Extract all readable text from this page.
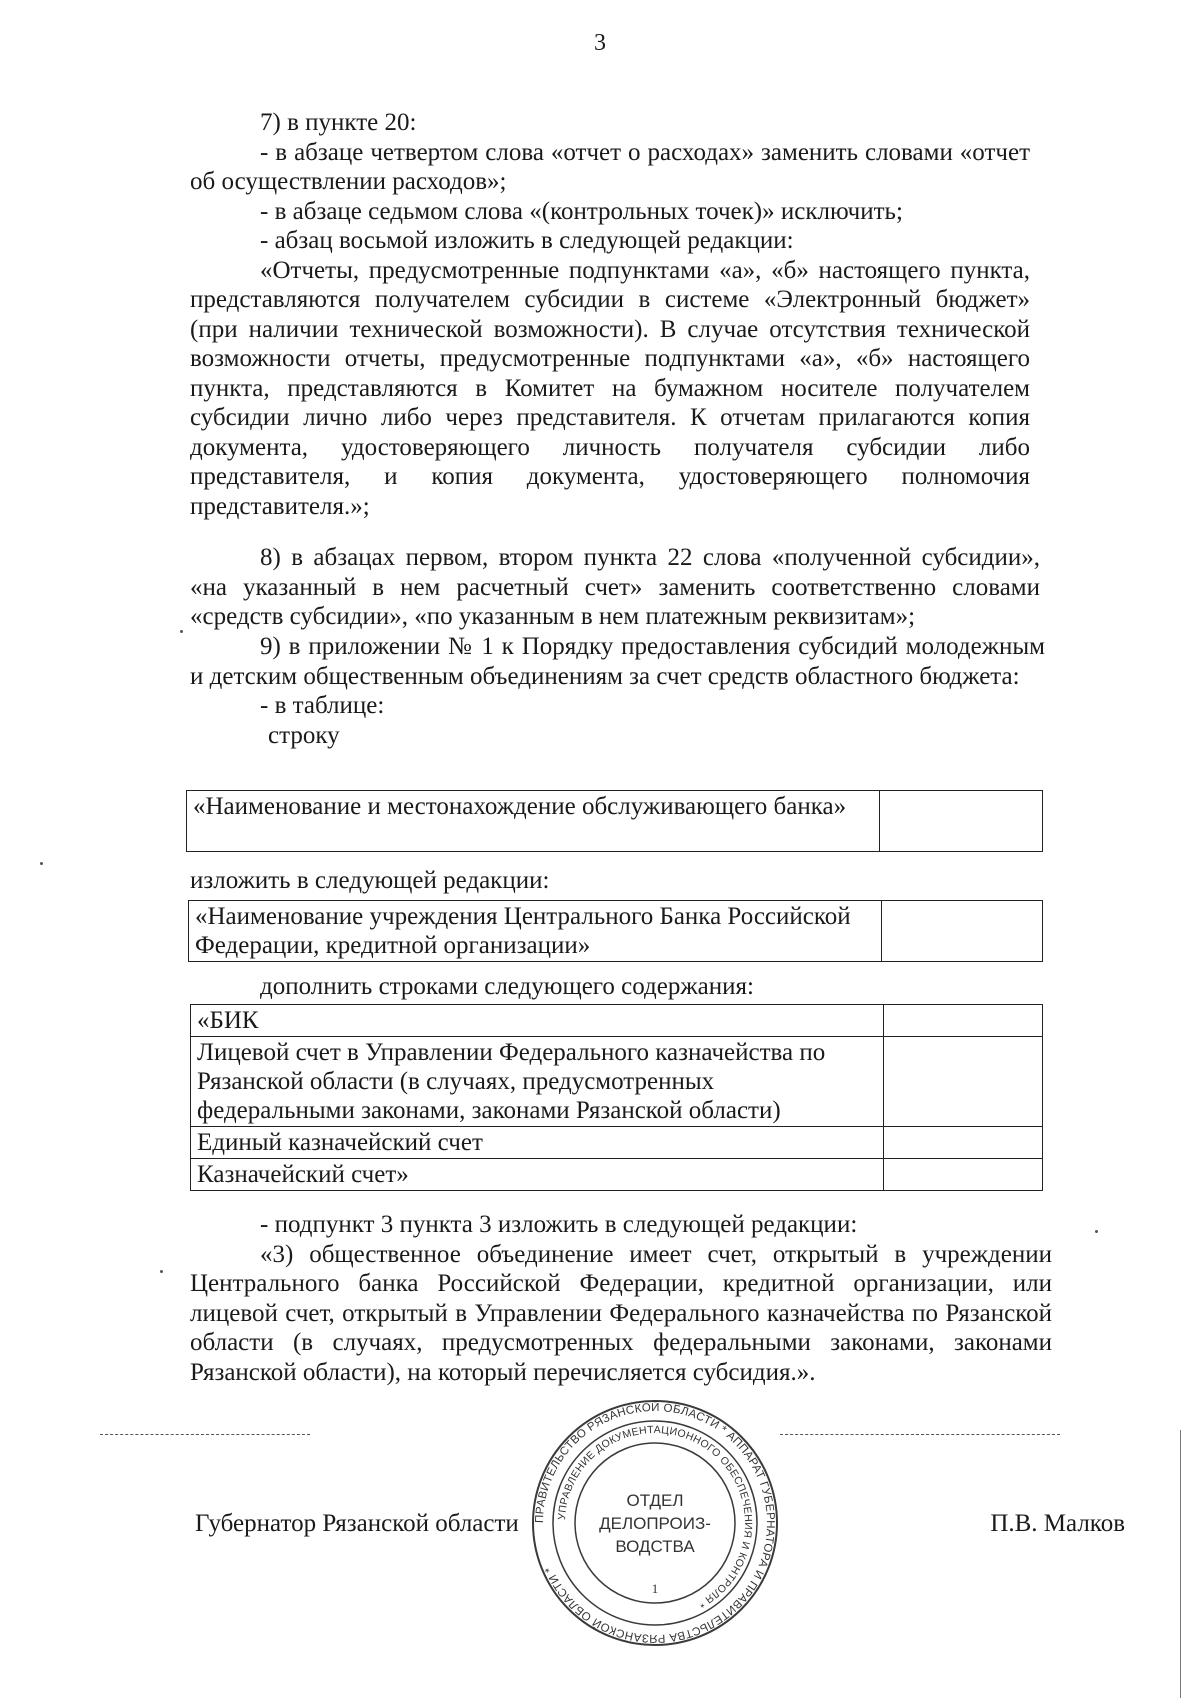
3
7) в пункте 20:
- в абзаце четвертом слова «отчет о расходах» заменить словами «отчет об осуществлении расходов»;
- в абзаце седьмом слова «(контрольных точек)» исключить;
- абзац восьмой изложить в следующей редакции:
«Отчеты, предусмотренные подпунктами «а», «б» настоящего пункта, представляются получателем субсидии в системе «Электронный бюджет» (при наличии технической возможности). В случае отсутствия технической возможности отчеты, предусмотренные подпунктами «а», «б» настоящего пункта, представляются в Комитет на бумажном носителе получателем субсидии лично либо через представителя. К отчетам прилагаются копия документа, удостоверяющего личность получателя субсидии либо представителя, и копия документа, удостоверяющего полномочия представителя.»;
8) в абзацах первом, втором пункта 22 слова «полученной субсидии», «на указанный в нем расчетный счет» заменить соответственно словами «средств субсидии», «по указанным в нем платежным реквизитам»;
9) в приложении № 1 к Порядку предоставления субсидий молодежным и детским общественным объединениям за счет средств областного бюджета:
- в таблице:
строку
«Наименование и местонахождение обслуживающего банка»	
изложить в следующей редакции:
«Наименование учреждения Центрального Банка Российской Федерации, кредитной организации»	
дополнить строками следующего содержания:
«БИК	
Лицевой счет в Управлении Федерального казначейства по Рязанской области (в случаях, предусмотренных федеральными законами, законами Рязанской области)	
Единый казначейский счет	
Казначейский счет»	
- подпункт 3 пункта 3 изложить в следующей редакции:
«3) общественное объединение имеет счет, открытый в учреждении Центрального банка Российской Федерации, кредитной организации, или лицевой счет, открытый в Управлении Федерального казначейства по Рязанской области (в случаях, предусмотренных федеральными законами, законами Рязанской области), на который перечисляется субсидия.».
Губернатор Рязанской области	П.В. Малков
ПРАВИТЕЛЬСТВО РЯЗАНСКОЙ ОБЛАСТИ * АППАРАТ ГУБЕРНАТОРА И ПРАВИТЕЛЬСТВА РЯЗАНСКОЙ ОБЛАСТИ *
УПРАВЛЕНИЕ ДОКУМЕНТАЦИОННОГО ОБЕСПЕЧЕНИЯ И КОНТРОЛЯ *
ОТДЕЛ
ДЕЛОПРОИЗ-
ВОДСТВА
1
